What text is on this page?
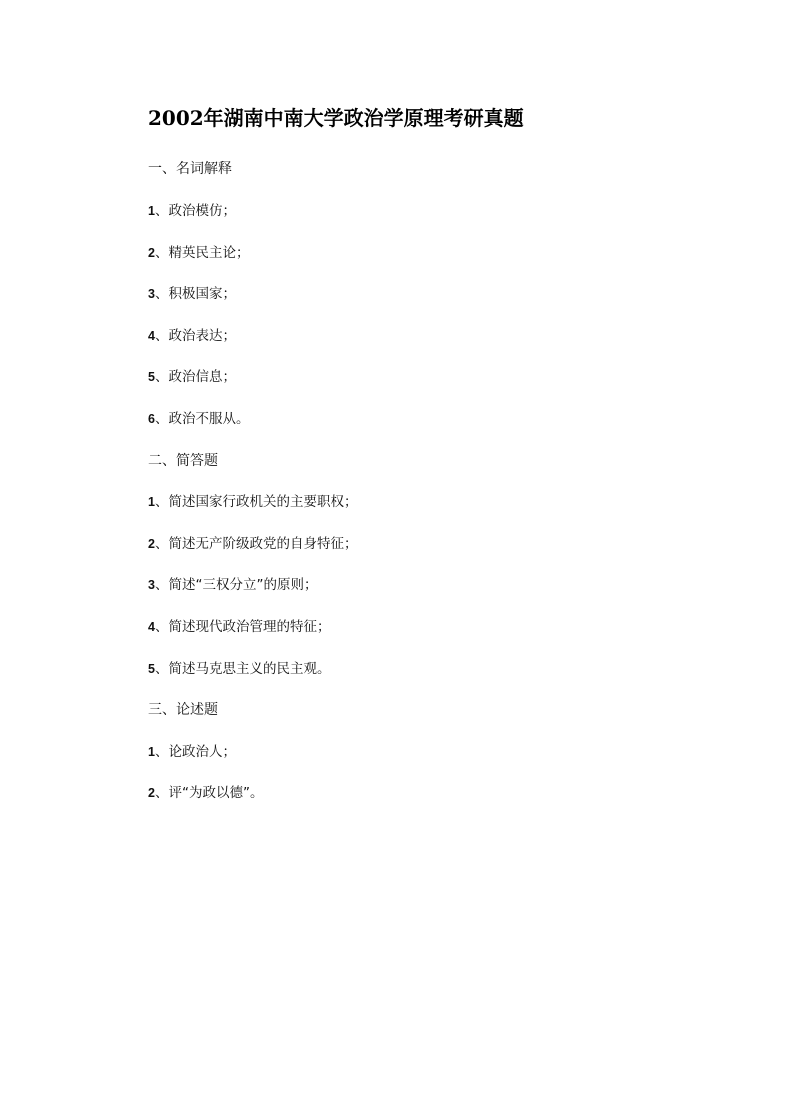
2002年湖南中南大学政治学原理考研真题
一、名词解释
1、政治模仿；
2、精英民主论；
3、积极国家；
4、政治表达；
5、政治信息；
6、政治不服从。
二、简答题
1、简述国家行政机关的主要职权；
2、简述无产阶级政党的自身特征；
3、简述“三权分立”的原则；
4、简述现代政治管理的特征；
5、简述马克思主义的民主观。
三、论述题
1、论政治人；
2、评“为政以德”。
